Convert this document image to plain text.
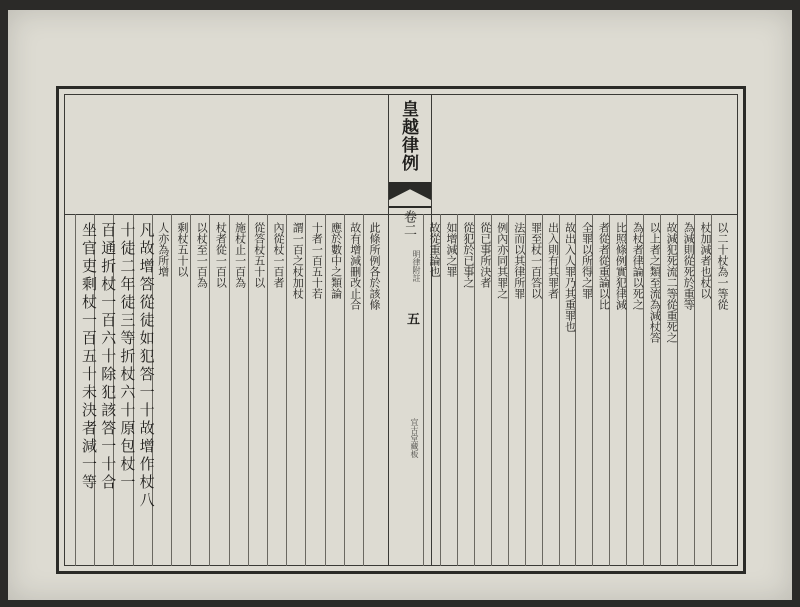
皇越律例
卷二
明律附註
五
宜古堂藏板
以二十杖為一等從
杖加減者也杖以
為減則從死於重等
故減犯死流二等從重死之
以上者之類至流為減杖答
為杖者律論以死之
比照條例實犯律減
者從者從重論以比
全罪以所得之罪
故出入人罪乃其重罪也
出入則有其罪者
罪至杖一百答以
法而以其律所罪
例內亦同其罪之
從已事所決者
從犯於已事之
如增減之罪
故從重論也
此條所例各於該條
故有增減刪改止合
應於數中之類論
十者一百五十若
謂一百之杖加杖
內從杖一百者
從答杖五十以
施杖止一百為
杖者從一百以
以杖至一百為
剩杖五十以
人亦為所增
凡故增答從徒如犯答一十故增作杖八
十徒二年徒三等折杖六十原包杖一
百通折杖一百六十除犯該答一十合
坐官吏剩杖一百五十未決者減一等
